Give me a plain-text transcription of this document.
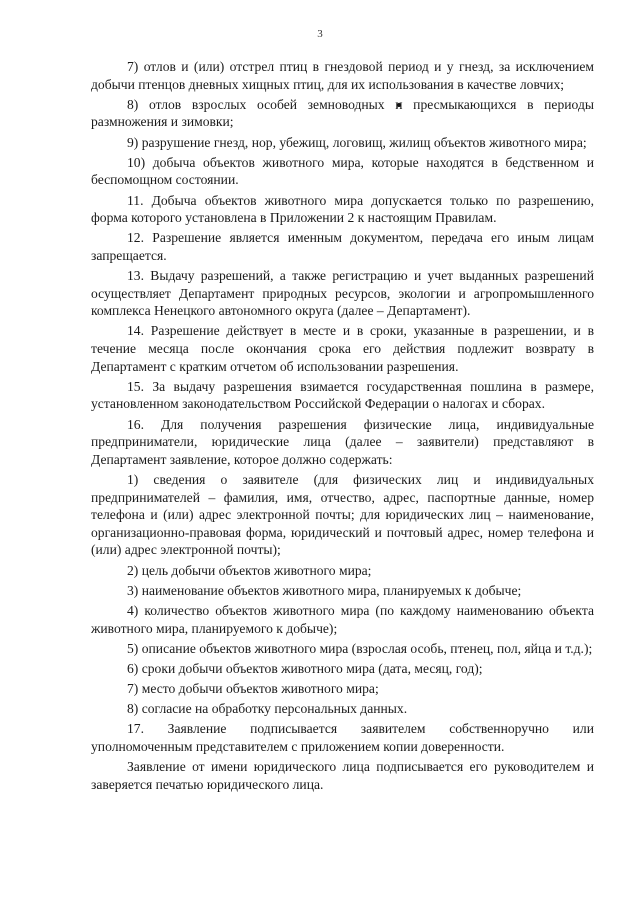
3

7) отлов и (или) отстрел птиц в гнездовой период и у гнезд, за исключением добычи птенцов дневных хищных птиц, для их использования в качестве ловчих;

8) отлов взрослых особей земноводных и пресмыкающихся в периоды размножения и зимовки;

9) разрушение гнезд, нор, убежищ, логовищ, жилищ объектов животного мира;

10) добыча объектов животного мира, которые находятся в бедственном и беспомощном состоянии.

11. Добыча объектов животного мира допускается только по разрешению, форма которого установлена в Приложении 2 к настоящим Правилам.

12. Разрешение является именным документом, передача его иным лицам запрещается.

13. Выдачу разрешений, а также регистрацию и учет выданных разрешений осуществляет Департамент природных ресурсов, экологии и агропромышленного комплекса Ненецкого автономного округа (далее – Департамент).

14. Разрешение действует в месте и в сроки, указанные в разрешении, и в течение месяца после окончания срока его действия подлежит возврату в Департамент с кратким отчетом об использовании разрешения.

15. За выдачу разрешения взимается государственная пошлина в размере, установленном законодательством Российской Федерации о налогах и сборах.

16. Для получения разрешения физические лица, индивидуальные предприниматели, юридические лица (далее – заявители) представляют в Департамент заявление, которое должно содержать:

1) сведения о заявителе (для физических лиц и индивидуальных предпринимателей – фамилия, имя, отчество, адрес, паспортные данные, номер телефона и (или) адрес электронной почты; для юридических лиц – наименование, организационно-правовая форма, юридический и почтовый адрес, номер телефона и (или) адрес электронной почты);

2) цель добычи объектов животного мира;

3) наименование объектов животного мира, планируемых к добыче;

4) количество объектов животного мира (по каждому наименованию объекта животного мира, планируемого к добыче);

5) описание объектов животного мира (взрослая особь, птенец, пол, яйца и т.д.);

6) сроки добычи объектов животного мира (дата, месяц, год);

7) место добычи объектов животного мира;

8) согласие на обработку персональных данных.

17. Заявление подписывается заявителем собственноручно или уполномоченным представителем с приложением копии доверенности.

Заявление от имени юридического лица подписывается его руководителем и заверяется печатью юридического лица.
